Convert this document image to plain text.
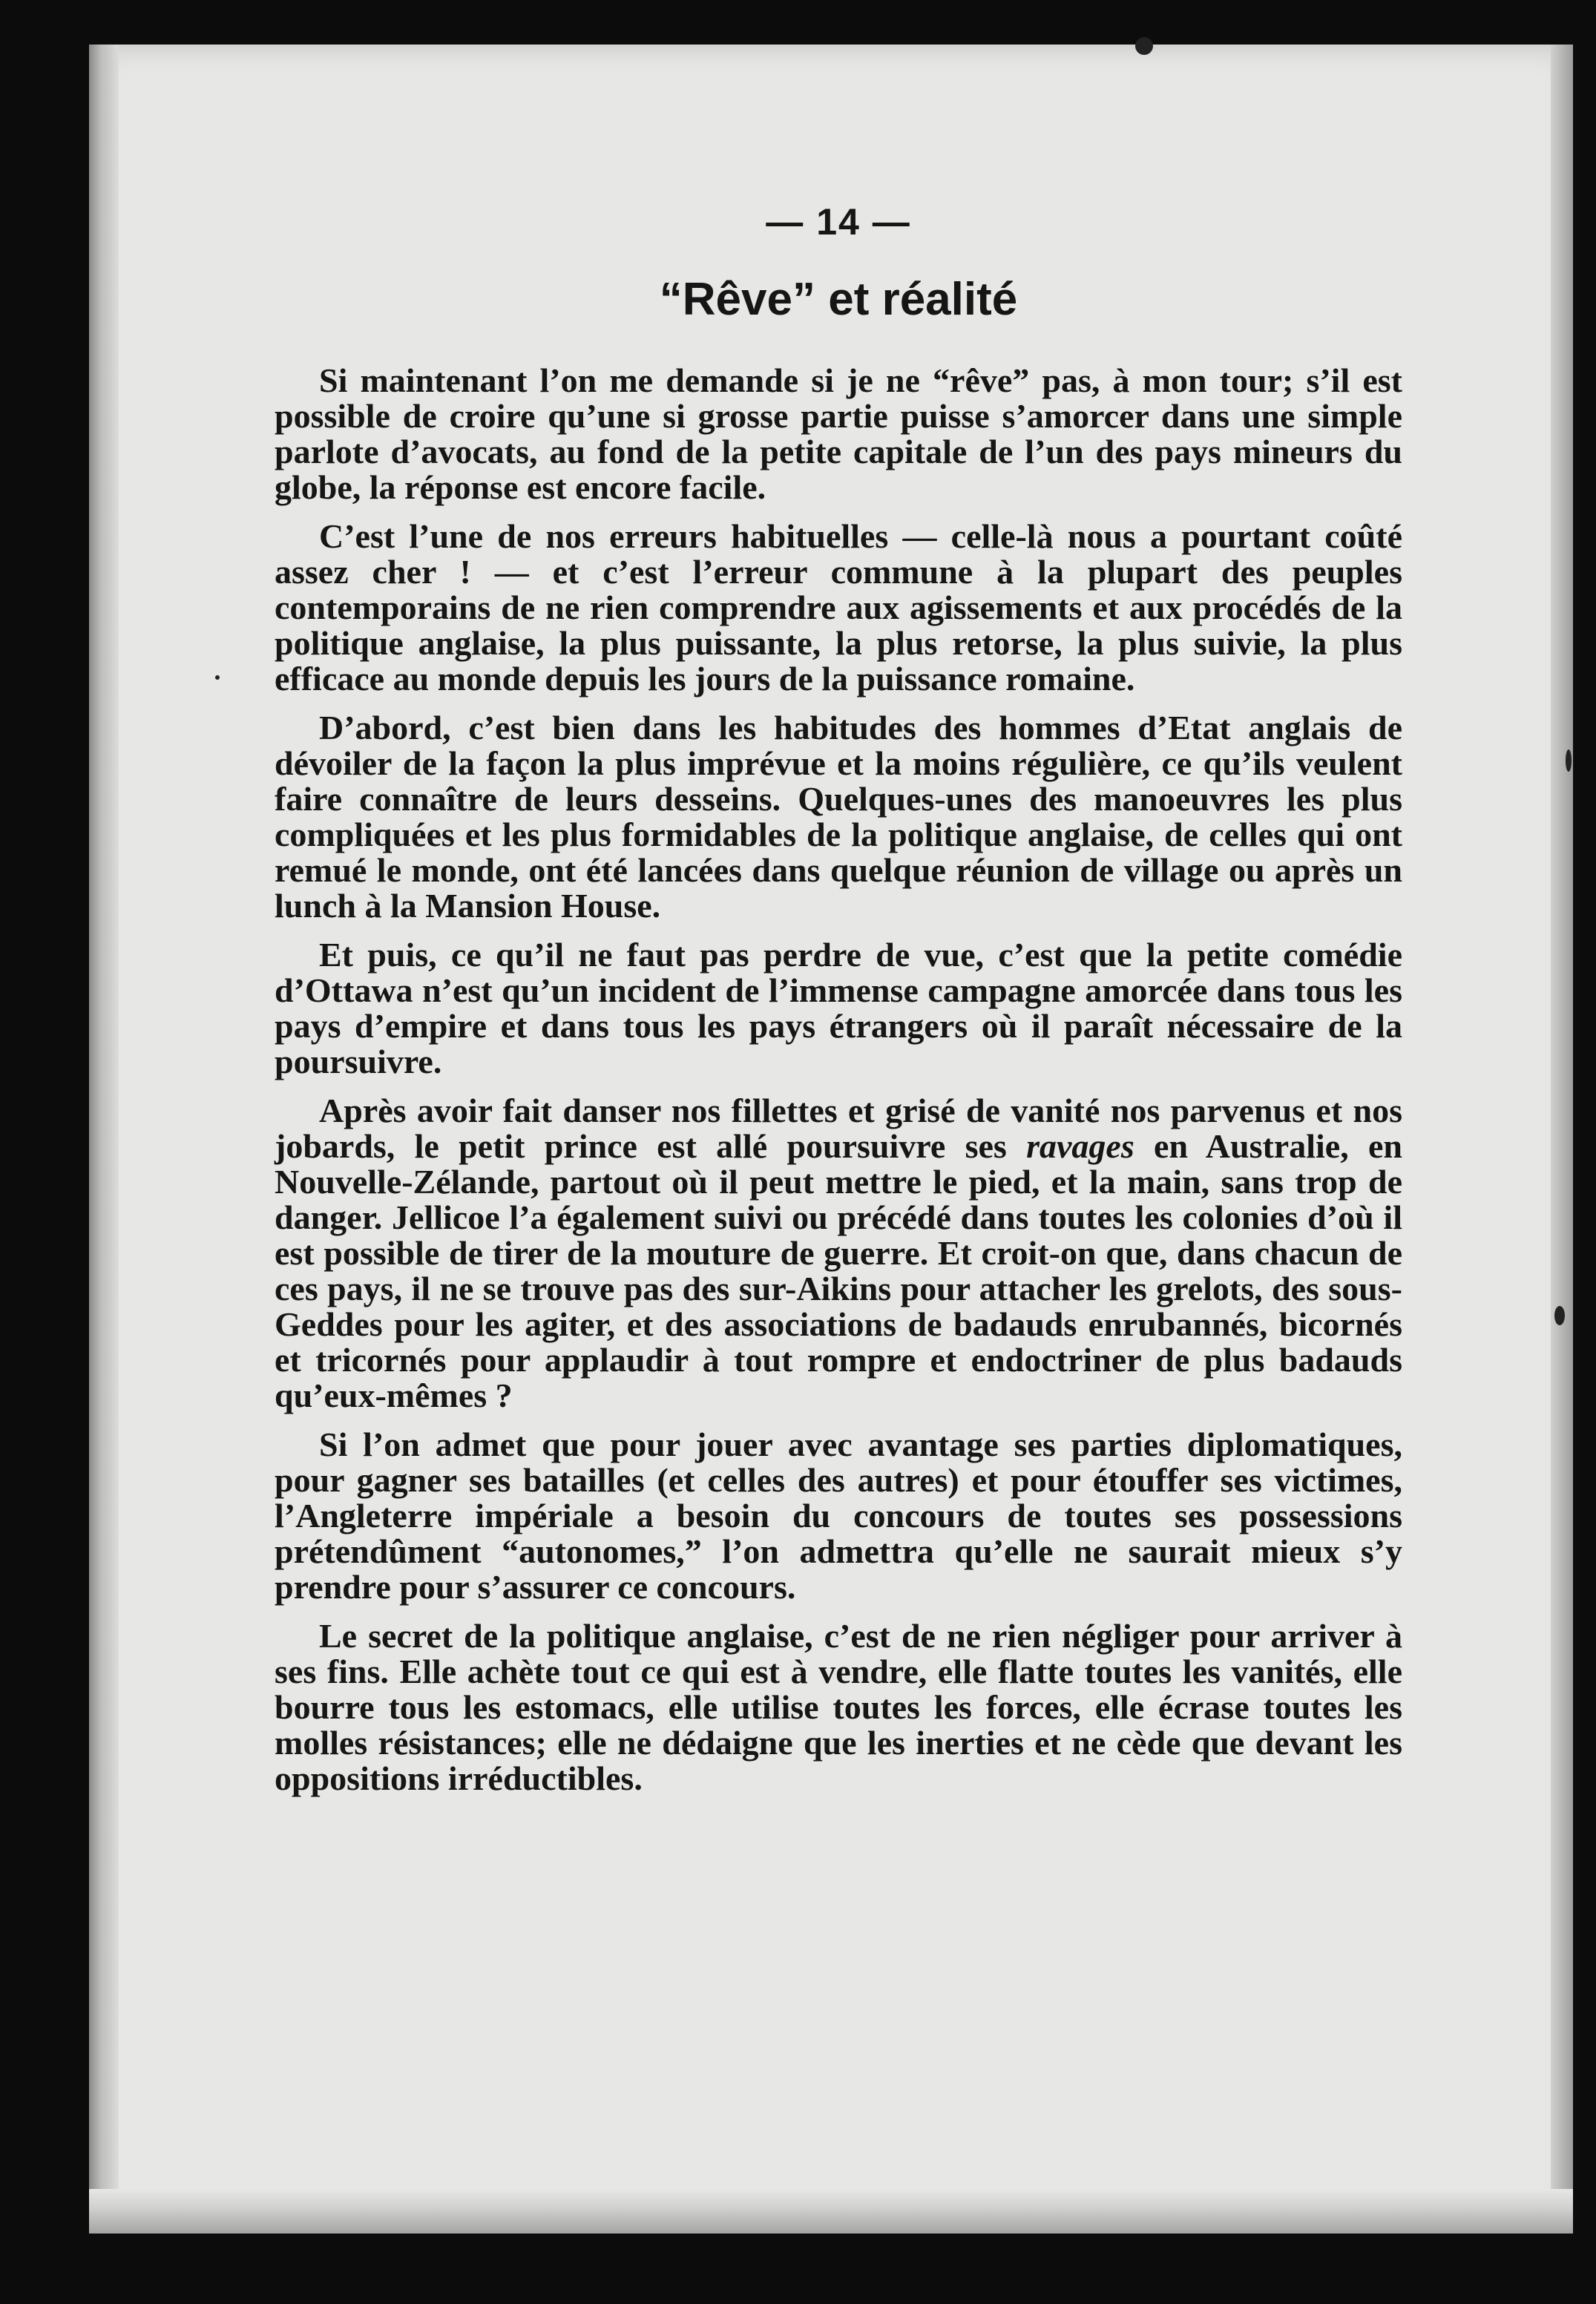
— 14 —
“Rêve” et réalité

Si maintenant l’on me demande si je ne “rêve” pas, à mon tour; s’il est possible de croire qu’une si grosse partie puisse s’amorcer dans une simple parlote d’avocats, au fond de la petite capitale de l’un des pays mineurs du globe, la réponse est encore facile.

C’est l’une de nos erreurs habituelles — celle-là nous a pourtant coûté assez cher ! — et c’est l’erreur commune à la plupart des peuples contemporains de ne rien comprendre aux agissements et aux procédés de la politique anglaise, la plus puissante, la plus retorse, la plus suivie, la plus efficace au monde depuis les jours de la puissance romaine.

D’abord, c’est bien dans les habitudes des hommes d’Etat anglais de dévoiler de la façon la plus imprévue et la moins régulière, ce qu’ils veulent faire connaître de leurs desseins. Quelques-unes des manoeuvres les plus compliquées et les plus formidables de la politique anglaise, de celles qui ont remué le monde, ont été lancées dans quelque réunion de village ou après un lunch à la Mansion House.

Et puis, ce qu’il ne faut pas perdre de vue, c’est que la petite comédie d’Ottawa n’est qu’un incident de l’immense campagne amorcée dans tous les pays d’empire et dans tous les pays étrangers où il paraît nécessaire de la poursuivre.

Après avoir fait danser nos fillettes et grisé de vanité nos parvenus et nos jobards, le petit prince est allé poursuivre ses ravages en Australie, en Nouvelle-Zélande, partout où il peut mettre le pied, et la main, sans trop de danger. Jellicoe l’a également suivi ou précédé dans toutes les colonies d’où il est possible de tirer de la mouture de guerre. Et croit-on que, dans chacun de ces pays, il ne se trouve pas des sur-Aikins pour attacher les grelots, des sous-Geddes pour les agiter, et des associations de badauds enrubannés, bicornés et tricornés pour applaudir à tout rompre et endoctriner de plus badauds qu’eux-mêmes ?

Si l’on admet que pour jouer avec avantage ses parties diplomatiques, pour gagner ses batailles (et celles des autres) et pour étouffer ses victimes, l’Angleterre impériale a besoin du concours de toutes ses possessions prétendûment “autonomes,” l’on admettra qu’elle ne saurait mieux s’y prendre pour s’assurer ce concours.

Le secret de la politique anglaise, c’est de ne rien négliger pour arriver à ses fins. Elle achète tout ce qui est à vendre, elle flatte toutes les vanités, elle bourre tous les estomacs, elle utilise toutes les forces, elle écrase toutes les molles résistances; elle ne dédaigne que les inerties et ne cède que devant les oppositions irréductibles.
